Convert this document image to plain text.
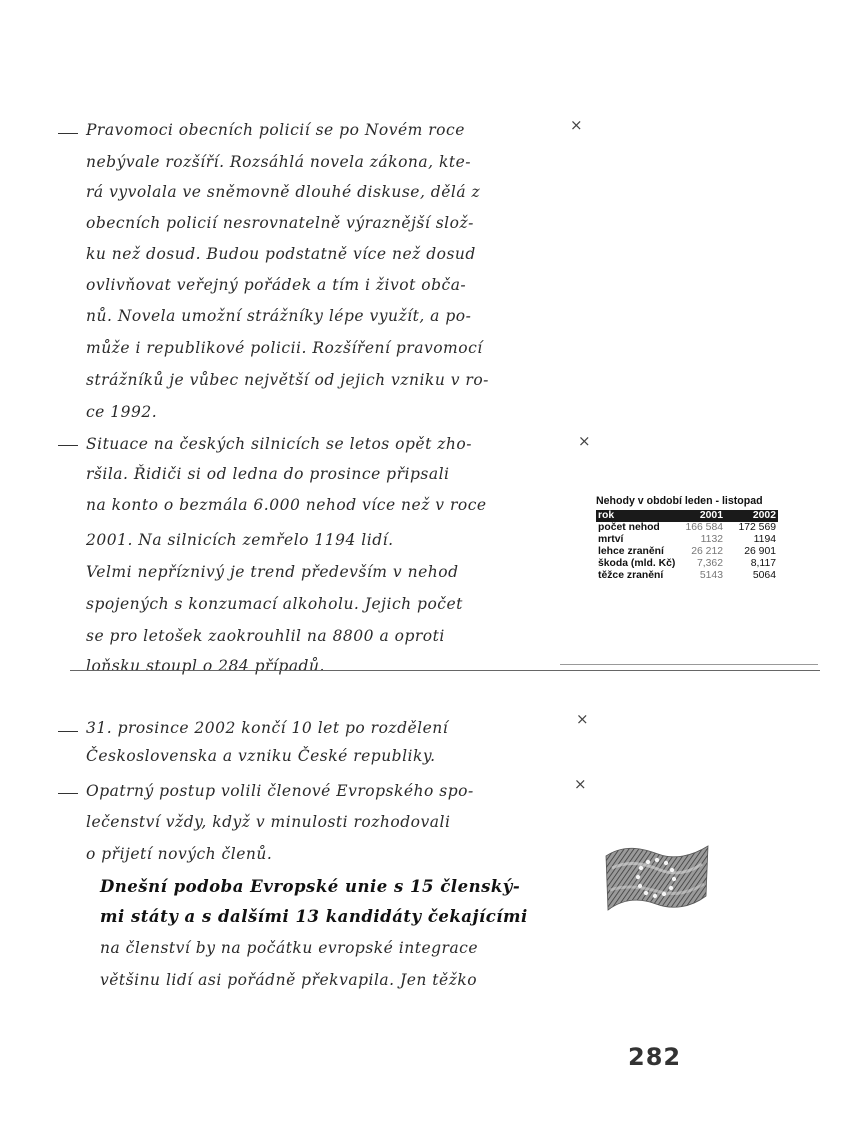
×
Pravomoci obecních policií se po Novém roce
nebývale rozšíří. Rozsáhlá novela zákona, kte-
rá vyvolala ve sněmovně dlouhé diskuse, dělá z
obecních policií nesrovnatelně výraznější slož-
ku než dosud. Budou podstatně více než dosud
ovlivňovat veřejný pořádek a tím i život obča-
nů. Novela umožní strážníky lépe využít, a po-
může i republikové policii. Rozšíření pravomocí
strážníků je vůbec největší od jejich vzniku v ro-
ce 1992.
×
Situace na českých silnicích se letos opět zho-
ršila. Řidiči si od ledna do prosince připsali
na konto o bezmála 6.000 nehod více než v roce
2001. Na silnicích zemřelo 1194 lidí.
Velmi nepříznivý je trend především v nehod
spojených s konzumací alkoholu. Jejich počet
se pro letošek zaokrouhlil na 8800 a oproti
loňsku stoupl o 284 případů.
Nehody v období leden - listopad
rok	2001	2002
počet nehod	166 584	172 569
mrtví	1132	1194
lehce zranění	26 212	26 901
škoda (mld. Kč)	7,362	8,117
těžce zranění	5143	5064
×
31. prosince 2002 končí 10 let po rozdělení
Československa a vzniku České republiky.
×
Opatrný postup volili členové Evropského spo-
lečenství vždy, když v minulosti rozhodovali
o přijetí nových členů.
Dnešní podoba Evropské unie s 15 členský-
mi státy a s dalšími 13 kandidáty čekajícími
na členství by na počátku evropské integrace
většinu lidí asi pořádně překvapila. Jen těžko
282
